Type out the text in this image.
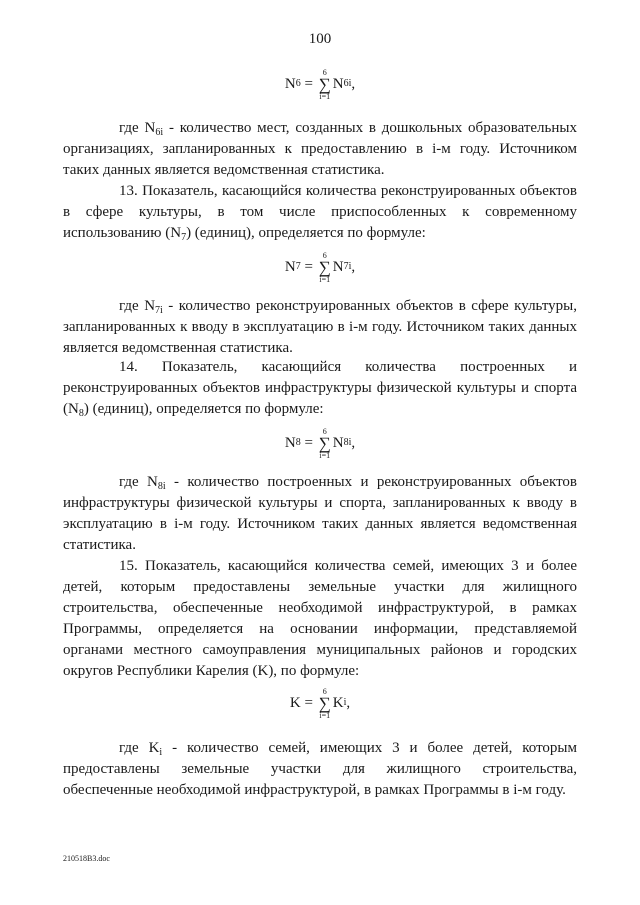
100
N 6 =
6
∑
i=1
N 6i ,

где $N_{6i}$ - количество мест, созданных в дошкольных образовательных организациях, запланированных к предоставлению в i-м году. Источником таких данных является ведомственная статистика.

13. Показатель, касающийся количества реконструированных объектов в сфере культуры, в том числе приспособленных к современному использованию $(N_7)$ (единиц), определяется по формуле:

N 7 =
6
∑
i=1
N 7i ,

где $N_{7i}$ - количество реконструированных объектов в сфере культуры, запланированных к вводу в эксплуатацию в i-м году. Источником таких данных является ведомственная статистика.

14. Показатель, касающийся количества построенных и реконструированных объектов инфраструктуры физической культуры и спорта $(N_8)$ (единиц), определяется по формуле:

N 8 =
6
∑
i=1
N 8i ,

где $N_{8i}$ - количество построенных и реконструированных объектов инфраструктуры физической культуры и спорта, запланированных к вводу в эксплуатацию в i-м году. Источником таких данных является ведомственная статистика.

15. Показатель, касающийся количества семей, имеющих 3 и более детей, которым предоставлены земельные участки для жилищного строительства, обеспеченные необходимой инфраструктурой, в рамках Программы, определяется на основании информации, представляемой органами местного самоуправления муниципальных районов и городских округов Республики Карелия (K), по формуле:

K =
6
∑
i=1
K i ,

где $K_i$ - количество семей, имеющих 3 и более детей, которым предоставлены земельные участки для жилищного строительства, обеспеченные необходимой инфраструктурой, в рамках Программы в i-м году.

210518В3.doc
